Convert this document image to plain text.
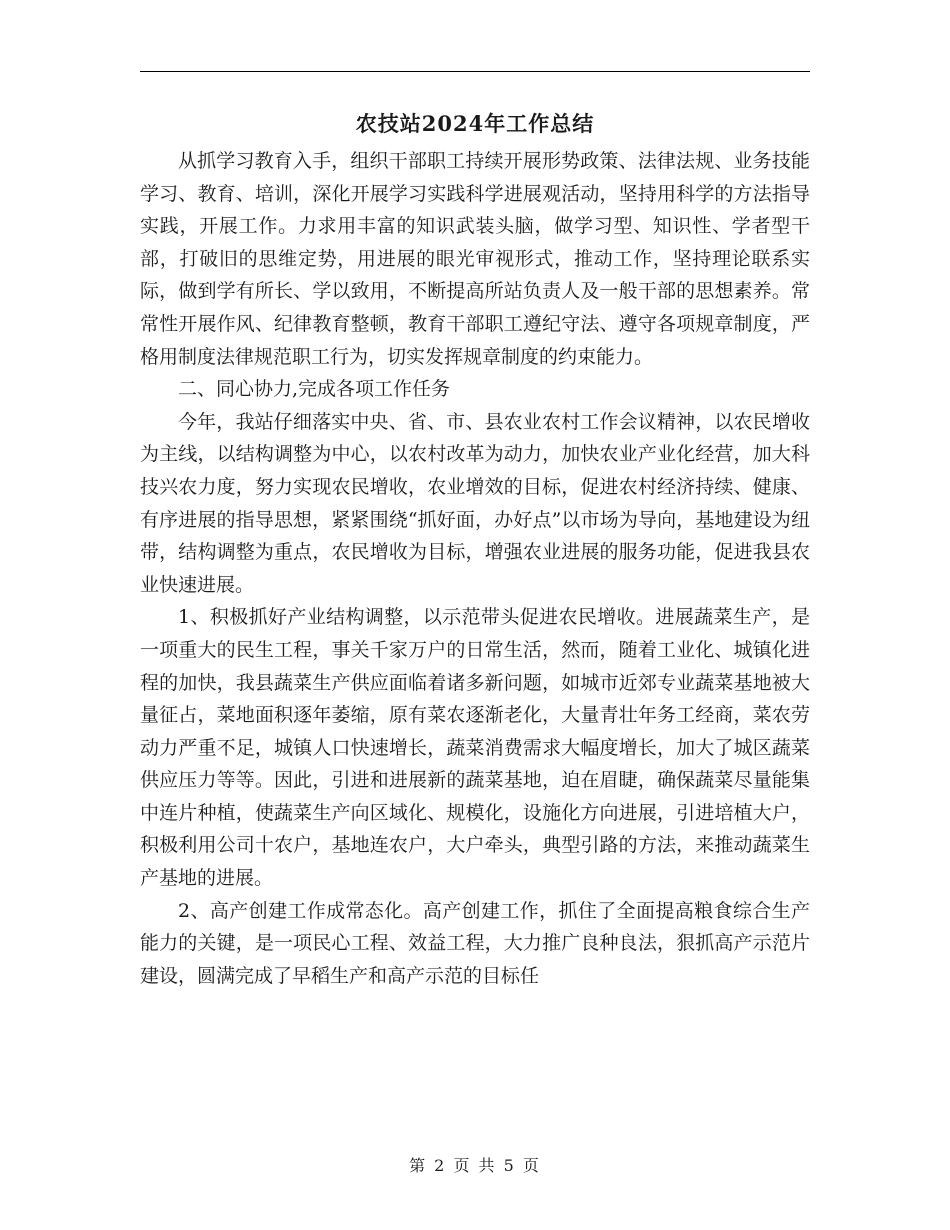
农技站2024年工作总结

从抓学习教育入手，组织干部职工持续开展形势政策、法律法规、业务技能学习、教育、培训，深化开展学习实践科学进展观活动，坚持用科学的方法指导实践，开展工作。力求用丰富的知识武装头脑，做学习型、知识性、学者型干部，打破旧的思维定势，用进展的眼光审视形式，推动工作，坚持理论联系实际，做到学有所长、学以致用，不断提高所站负责人及一般干部的思想素养。常常性开展作风、纪律教育整顿，教育干部职工遵纪守法、遵守各项规章制度，严格用制度法律规范职工行为，切实发挥规章制度的约束能力。

二、同心协力,完成各项工作任务

今年，我站仔细落实中央、省、市、县农业农村工作会议精神，以农民增收为主线，以结构调整为中心，以农村改革为动力，加快农业产业化经营，加大科技兴农力度，努力实现农民增收，农业增效的目标，促进农村经济持续、健康、有序进展的指导思想，紧紧围绕“抓好面，办好点”以市场为导向，基地建设为纽带，结构调整为重点，农民增收为目标，增强农业进展的服务功能，促进我县农业快速进展。

1、积极抓好产业结构调整，以示范带头促进农民增收。进展蔬菜生产，是一项重大的民生工程，事关千家万户的日常生活，然而，随着工业化、城镇化进程的加快，我县蔬菜生产供应面临着诸多新问题，如城市近郊专业蔬菜基地被大量征占，菜地面积逐年萎缩，原有菜农逐渐老化，大量青壮年务工经商，菜农劳动力严重不足，城镇人口快速增长，蔬菜消费需求大幅度增长，加大了城区蔬菜供应压力等等。因此，引进和进展新的蔬菜基地，迫在眉睫，确保蔬菜尽量能集中连片种植，使蔬菜生产向区域化、规模化，设施化方向进展，引进培植大户，积极利用公司十农户，基地连农户，大户牵头，典型引路的方法，来推动蔬菜生产基地的进展。

2、高产创建工作成常态化。高产创建工作，抓住了全面提高粮食综合生产能力的关键，是一项民心工程、效益工程，大力推广良种良法，狠抓高产示范片建设，圆满完成了早稻生产和高产示范的目标任

第 2 页 共 5 页
